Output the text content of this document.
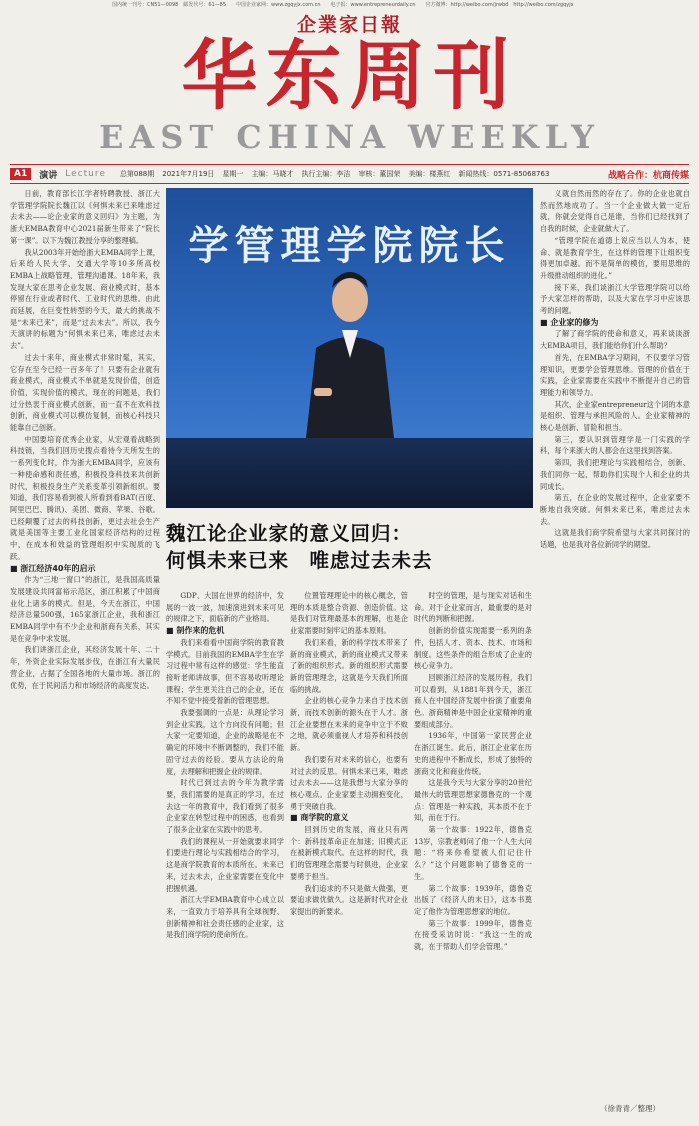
国内统一刊号：CN51—0098　邮发代号：61—85 中国企业家网：www.zgqyjx.com.cn 电子报：www.entrepreneurdaily.cn 官方微博：http://weibo.com/jrwbd　http://weibo.com/zgqyjx
企業家日報
华东周刊
EAST CHINA WEEKLY
A1	演讲 Lecture 总第088期 2021年7月19日 星期一 主编：马晓才 执行主编：李洁 审核：董国荣 美编：楼燕红 新闻热线：0571-85068763	战略合作：杭商传媒

日前，教育部长江学者特聘教授、浙江大学管理学院院长魏江以《何惧未来已来唯虑过去未去——论企业家的意义回归》为主题，为浙大EMBA教育中心2021届新生带来了“院长第一课”。以下为魏江教授分享的整理稿。

我从2003年开始给浙大EMBA同学上课，后来给人民大学、交通大学等10多所高校EMBA上战略管理、管理沟通课。18年来，我发现大家在思考企业发展、商业模式时，基本停留在行业或者时代、工业时代的思维。由此而延展，在巨变性转型的今天，最大的挑战不是“未来已来”，而是“过去未去”。所以，我今天演讲的标题为“何惧未来已来，唯虑过去未去”。

过去十来年，商业模式非常时髦，其实，它存在至今已经一百多年了！只要有企业就有商业模式，商业模式不单就是发现价值，创造价值，实现价值的模式，现在的问题是，我们过分热衷于商业模式创新，而一直不在欢科技创新，商业模式可以模仿复制，而核心科技只能靠自己创新。

中国要培育优秀企业家，从宏观看战略到科技链，当我们回历史搜点看待今天所发生的一系列变化时，作为浙大EMBA同学，应该有一种使命感和责任感，积极投身科技来共创新时代，积极投身生产关系变革引领新组织。要知道，我们容易看到被人所看到看BAT(百度、阿里巴巴、腾讯)、美团、微商、苹果、谷歌。已经颠覆了过去的科技创新，更过去社会生产就是美国等主要工业化国家经济结构的过程中，在成本和效益的管理组织中实现质的飞跃。

■ 浙江经济40年的启示

作为“三地一窗口”的浙江，是我国高质量发展建设共同富裕示范区，浙江积累了中国商业化上诸多的模式。但是，今天在浙江，中国经济总量500强，165家浙江企业，我和浙江EMBA同学中有不少企业和浙商有关系，其实是在竞争中求发展。

我们讲浙江企业，其经济发展十年、二十年，外资企业实际发展步伐，在浙江有大量民营企业，占据了全国各地的大量市场。浙江的优势，在于民间活力和市场经济的高度发达。

学管理学院院长
魏江论企业家的意义回归：
何惧未来已来　唯虑过去未去

GDP、大国在世界的经济中，发展的一波一波，加速演进到未来可见的规律之下，面临新的产业格局。

■ 制作来的危机

我们来看看中国商学院的教育教学模式。目前我国的EMBA学生在学习过程中常有这样的感觉：学生能直接听老师讲故事，但不容易收听理论课程；学生更关注自己的企业，还在不知不觉中接受着新的管理思想。

我要强调的一点是：从理论学习到企业实践，这个方向没有问题；但大家一定要知道，企业的战略是在不确定的环境中不断调整的，我们不能固守过去的经验。要从方法论的角度，去理解和把握企业的规律。

时代已到过去的今年为教学需要，我们需要的是真正的学习，在过去这一年的教育中，我们看到了很多企业家在转型过程中的困惑，也看到了很多企业家在实践中的思考。

我们的课程从一开始就要求同学们要进行理论与实践相结合的学习，这是商学院教育的本质所在。未来已来，过去未去，企业家需要在变化中把握机遇。

浙江大学EMBA教育中心成立以来，一直致力于培养具有全球视野、创新精神和社会责任感的企业家，这是我们商学院的使命所在。

位置管理理论中的核心概念，管理的本质是整合资源、创造价值。这是我们对管理最基本的理解，也是企业家需要时刻牢记的基本原则。

我们来看，新的科学技术带来了新的商业模式，新的商业模式又带来了新的组织形式。新的组织形式需要新的管理理念，这就是今天我们所面临的挑战。

企业的核心竞争力来自于技术创新，而技术创新的源头在于人才。浙江企业要想在未来的竞争中立于不败之地，就必须重视人才培养和科技创新。

我们要有对未来的信心，也要有对过去的反思。何惧未来已来，唯虑过去未去——这是我想与大家分享的核心观点。企业家要主动拥抱变化，勇于突破自我。

■ 商学院的意义

回到历史的发展，商业只有两个：新科技革命正在加速；旧模式正在被新模式取代。在这样的时代，我们的管理理念需要与时俱进，企业家要勇于担当。

我们追求的不只是做大做强，更要追求做优做久。这是新时代对企业家提出的新要求。

时空的管理，是与现实对话和生命。对于企业家而言，最重要的是对时代的判断和把握。

创新的价值实现需要一系列的条件，包括人才、资本、技术、市场和制度。这些条件的组合形成了企业的核心竞争力。

回顾浙江经济的发展历程，我们可以看到，从1881年到今天，浙江商人在中国经济发展中扮演了重要角色。浙商精神是中国企业家精神的重要组成部分。

1936年，中国第一家民营企业在浙江诞生。此后，浙江企业家在历史的进程中不断成长，形成了独特的浙商文化和商业传统。

这是我今天与大家分享的20世纪最伟大的管理思想家德鲁克的一个观点：管理是一种实践，其本质不在于知，而在于行。

第一个故事：1922年，德鲁克13岁，宗教老师问了他一个人生大问题：“将来你希望被人们记住什么？”这个问题影响了德鲁克的一生。

第二个故事：1939年，德鲁克出版了《经济人的末日》，这本书奠定了他作为管理思想家的地位。

第三个故事：1999年，德鲁克在接受采访时说：“我这一生的成就，在于帮助人们学会管理。”

义就自然而然的存在了。你的企业也就自然而然地成功了。当一个企业做大做一定后就，你就会觉得自己是谁，当你们已经找到了自我的时候，企业就做大了。

“管理学院在道德上说应当以人为本，使命、就是教育学生，在这样的管理下让组织变得更加卓越。而不是简单的模仿，要用思维的升级推动组织的进化。”

接下来，我们谈浙江大学管理学院可以给予大家怎样的帮助，以及大家在学习中应该思考的问题。

■ 企业家的修为

了解了商学院的使命和意义，再来谈谈浙大EMBA项目，我们能给你们什么帮助？

首先，在EMBA学习期间，不仅要学习管理知识，更要学会管理思维。管理的价值在于实践，企业家需要在实践中不断提升自己的管理能力和领导力。

其次，企业家entrepreneur这个词的本意是组织、管理与承担风险的人。企业家精神的核心是创新、冒险和担当。

第三，要认识到管理学是一门实践的学科，每个来浙大的人都会在这里找到答案。

第四，我们把理论与实践相结合，创新、我们同你一起，帮助你们实现个人和企业的共同成长。

第五，在企业的发展过程中，企业家要不断地自我突破。何惧未来已来，唯虑过去未去。

这就是我们商学院希望与大家共同探讨的话题，也是我对各位新同学的期望。

（徐青青／整理）
